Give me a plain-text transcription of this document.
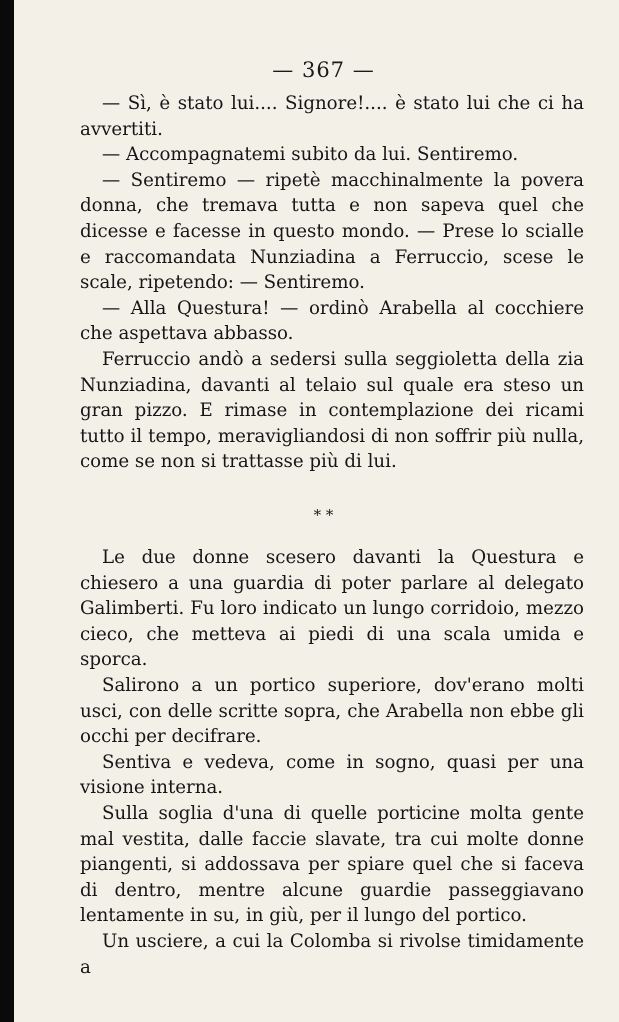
— 367 —

— Sì, è stato lui.... Signore!.... è stato lui che ci ha avvertiti.

— Accompagnatemi subito da lui. Sentiremo.

— Sentiremo — ripetè macchinalmente la povera donna, che tremava tutta e non sapeva quel che dicesse e facesse in questo mondo. — Prese lo scialle e raccomandata Nunziadina a Ferruccio, scese le scale, ripetendo: — Sentiremo.

— Alla Questura! — ordinò Arabella al cocchiere che aspettava abbasso.

Ferruccio andò a sedersi sulla seggioletta della zia Nunziadina, davanti al telaio sul quale era steso un gran pizzo. E rimase in contemplazione dei ricami tutto il tempo, meravigliandosi di non soffrir più nulla, come se non si trattasse più di lui.

* *

Le due donne scesero davanti la Questura e chiesero a una guardia di poter parlare al delegato Galimberti. Fu loro indicato un lungo corridoio, mezzo cieco, che metteva ai piedi di una scala umida e sporca.

Salirono a un portico superiore, dov'erano molti usci, con delle scritte sopra, che Arabella non ebbe gli occhi per decifrare.

Sentiva e vedeva, come in sogno, quasi per una visione interna.

Sulla soglia d'una di quelle porticine molta gente mal vestita, dalle faccie slavate, tra cui molte donne piangenti, si addossava per spiare quel che si faceva di dentro, mentre alcune guardie passeggiavano lentamente in su, in giù, per il lungo del portico.

Un usciere, a cui la Colomba si rivolse timidamente a
